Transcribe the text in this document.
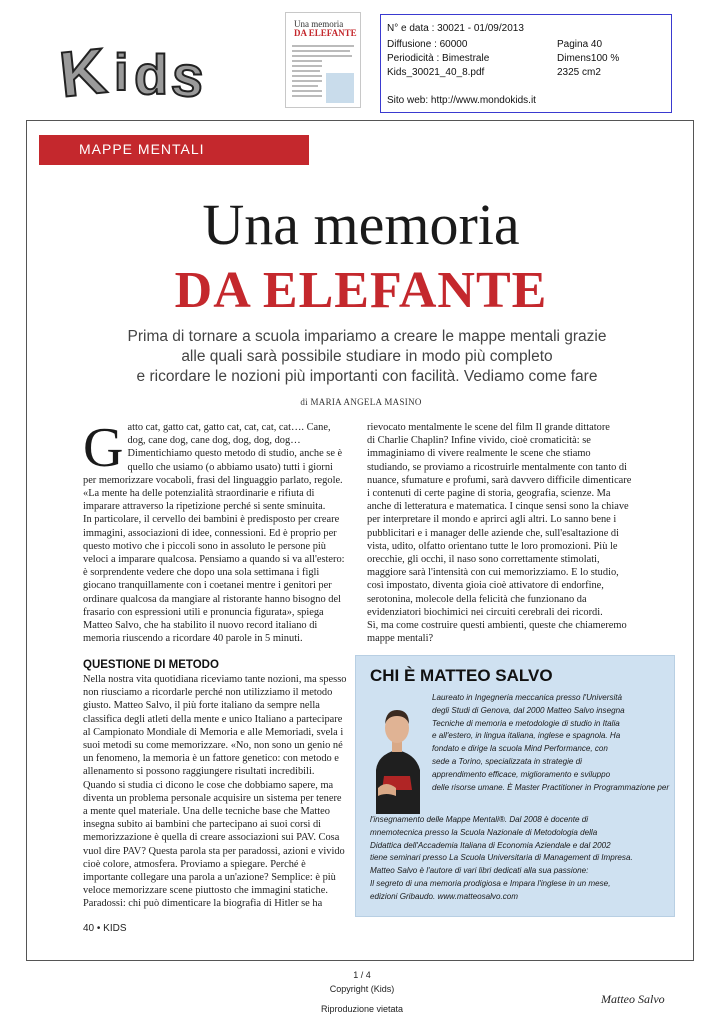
K i d s
Una memoria
DA ELEFANTE	N° e data : 30021 - 01/09/2013
Diffusione : 60000	Pagina 40
Periodicità : Bimestrale	Dimens100 %
Kids_30021_40_8.pdf	2325 cm2
Sito web: http://www.mondokids.it
MAPPE MENTALI
Una memoria
DA ELEFANTE
Prima di tornare a scuola impariamo a creare le mappe mentali grazie
alle quali sarà possibile studiare in modo più completo
e ricordare le nozioni più importanti con facilità. Vediamo come fare
di MARIA ANGELA MASINO
G atto cat, gatto cat, gatto cat, cat, cat, cat…. Cane,
dog, cane dog, cane dog, dog, dog, dog…
Dimentichiamo questo metodo di studio, anche se è
quello che usiamo (o abbiamo usato) tutti i giorni
per memorizzare vocaboli, frasi del linguaggio parlato, regole.
«La mente ha delle potenzialità straordinarie e rifiuta di
imparare attraverso la ripetizione perché si sente sminuita.
In particolare, il cervello dei bambini è predisposto per creare
immagini, associazioni di idee, connessioni. Ed è proprio per
questo motivo che i piccoli sono in assoluto le persone più
veloci a imparare qualcosa. Pensiamo a quando si va all'estero:
è sorprendente vedere che dopo una sola settimana i figli
giocano tranquillamente con i coetanei mentre i genitori per
ordinare qualcosa da mangiare al ristorante hanno bisogno del
frasario con espressioni utili e pronuncia figurata», spiega
Matteo Salvo, che ha stabilito il nuovo record italiano di
memoria riuscendo a ricordare 40 parole in 5 minuti.
QUESTIONE DI METODO
Nella nostra vita quotidiana riceviamo tante nozioni, ma spesso
non riusciamo a ricordarle perché non utilizziamo il metodo
giusto. Matteo Salvo, il più forte italiano da sempre nella
classifica degli atleti della mente e unico Italiano a partecipare
al Campionato Mondiale di Memoria e alle Memoriadi, svela i
suoi metodi su come memorizzare. «No, non sono un genio né
un fenomeno, la memoria è un fattore genetico: con metodo e
allenamento si possono raggiungere risultati incredibili.
Quando si studia ci dicono le cose che dobbiamo sapere, ma
diventa un problema personale acquisire un sistema per tenere
a mente quel materiale. Una delle tecniche base che Matteo
insegna subito ai bambini che partecipano ai suoi corsi di
memorizzazione è quella di creare associazioni sui PAV. Cosa
vuol dire PAV? Questa parola sta per paradossi, azioni e vivido
cioè colore, atmosfera. Proviamo a spiegare. Perché è
importante collegare una parola a un'azione? Semplice: è più
veloce memorizzare scene piuttosto che immagini statiche.
Paradossi: chi può dimenticare la biografia di Hitler se ha
rievocato mentalmente le scene del film Il grande dittatore
di Charlie Chaplin? Infine vivido, cioè cromaticità: se
immaginiamo di vivere realmente le scene che stiamo
studiando, se proviamo a ricostruirle mentalmente con tanto di
nuance, sfumature e profumi, sarà davvero difficile dimenticare
i contenuti di certe pagine di storia, geografia, scienze. Ma
anche di letteratura e matematica. I cinque sensi sono la chiave
per interpretare il mondo e aprirci agli altri. Lo sanno bene i
pubblicitari e i manager delle aziende che, sull'esaltazione di
vista, udito, olfatto orientano tutte le loro promozioni. Più le
orecchie, gli occhi, il naso sono correttamente stimolati,
maggiore sarà l'intensità con cui memorizziamo. E lo studio,
così impostato, diventa gioia cioè attivatore di endorfine,
serotonina, molecole della felicità che funzionano da
evidenziatori biochimici nei circuiti cerebrali dei ricordi.
Sì, ma come costruire questi ambienti, queste che chiameremo
mappe mentali?
CHI È MATTEO SALVO
Laureato in Ingegneria meccanica presso l'Università
degli Studi di Genova, dal 2000 Matteo Salvo insegna
Tecniche di memoria e metodologie di studio in Italia
e all'estero, in lingua italiana, inglese e spagnola. Ha
fondato e dirige la scuola Mind Performance, con
sede a Torino, specializzata in strategie di
apprendimento efficace, miglioramento e sviluppo
delle risorse umane. È Master Practitioner in Programmazione per
l'insegnamento delle Mappe Mentali®. Dal 2008 è docente di
mnemotecnica presso la Scuola Nazionale di Metodologia della
Didattica dell'Accademia Italiana di Economia Aziendale e dal 2002
tiene seminari presso La Scuola Universitaria di Management di Impresa.
Matteo Salvo è l'autore di vari libri dedicati alla sua passione:
Il segreto di una memoria prodigiosa e Impara l'inglese in un mese,
edizioni Gribaudo. www.matteosalvo.com
40 • KIDS
1 / 4
Copyright (Kids)
Riproduzione vietata
Matteo Salvo
